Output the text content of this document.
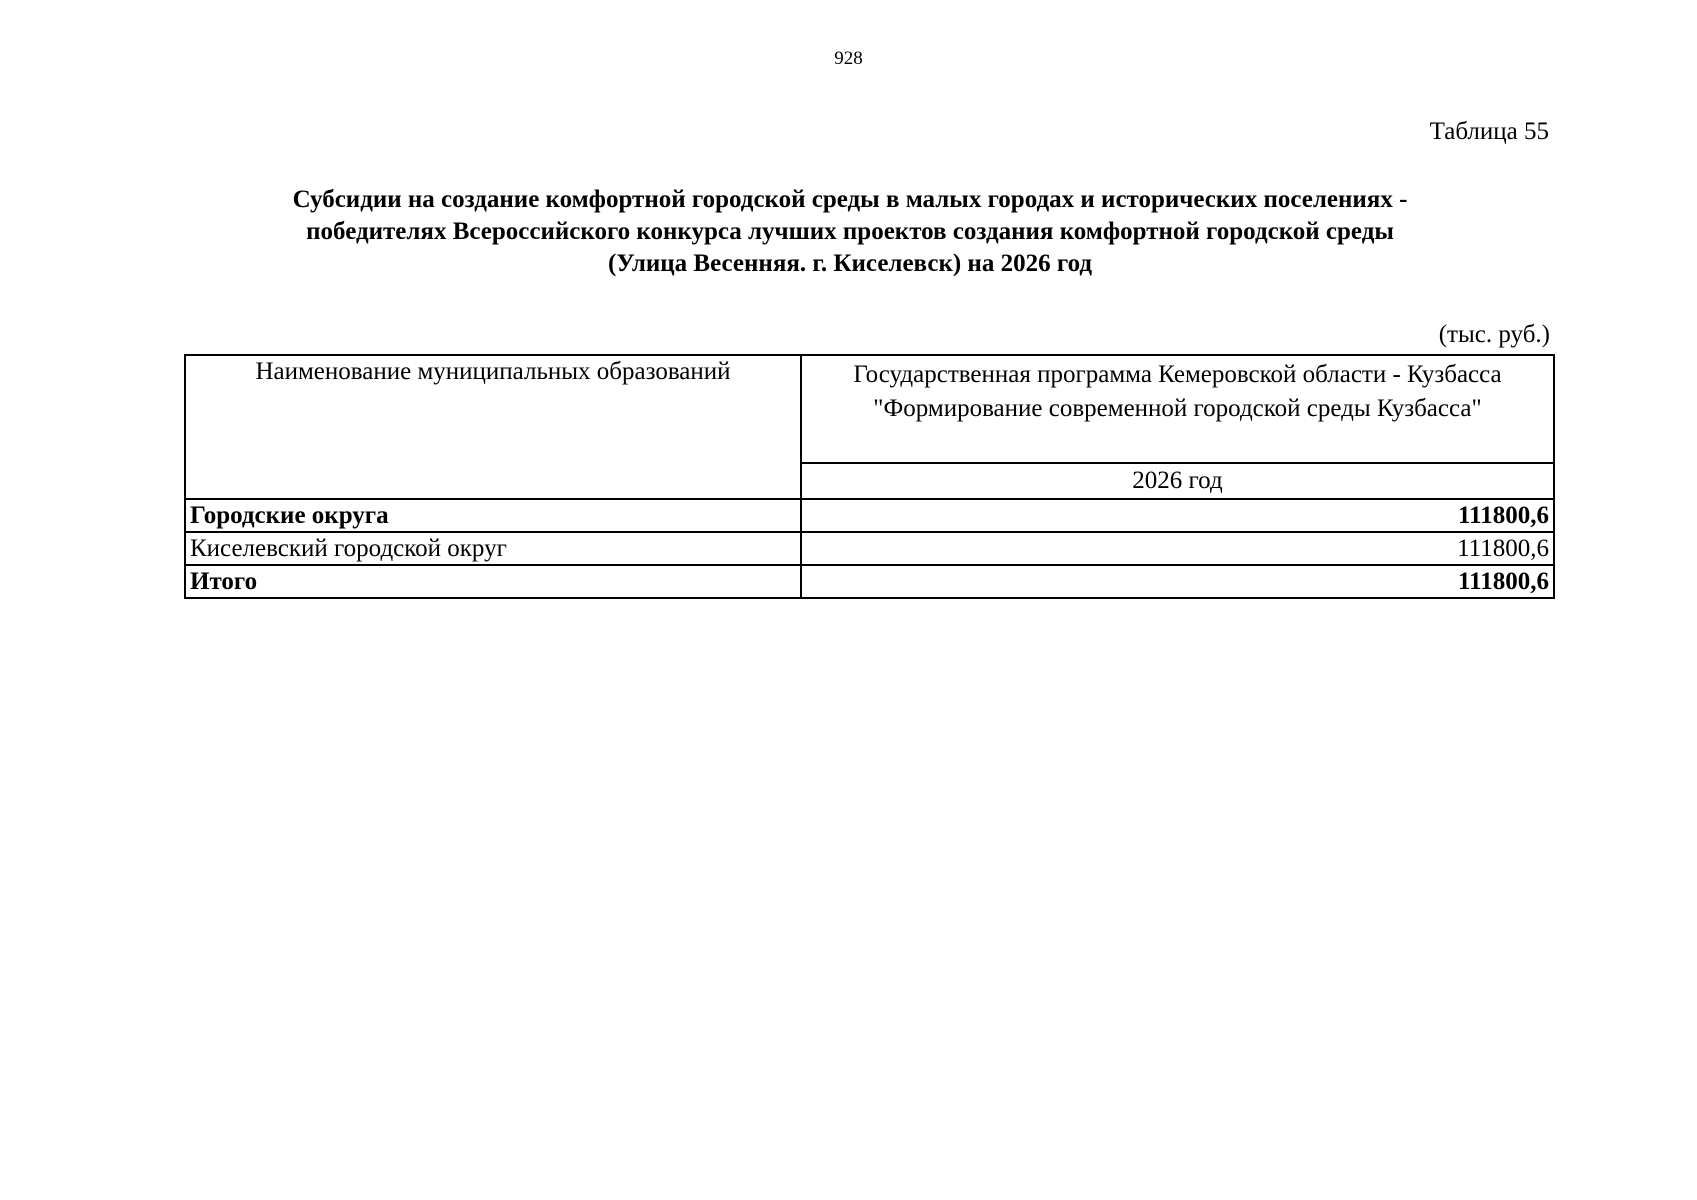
928
Таблица 55
Субсидии на создание комфортной городской среды в малых городах и исторических поселениях -
победителях Всероссийского конкурса лучших проектов создания комфортной городской среды
(Улица Весенняя. г. Киселевск) на 2026 год
(тыс. руб.)
Наименование муниципальных образований	Государственная программа Кемеровской области - Кузбасса
"Формирование современной городской среды Кузбасса"

	2026 год
Городские округа	111800,6
Киселевский городской округ	111800,6
Итого	111800,6
